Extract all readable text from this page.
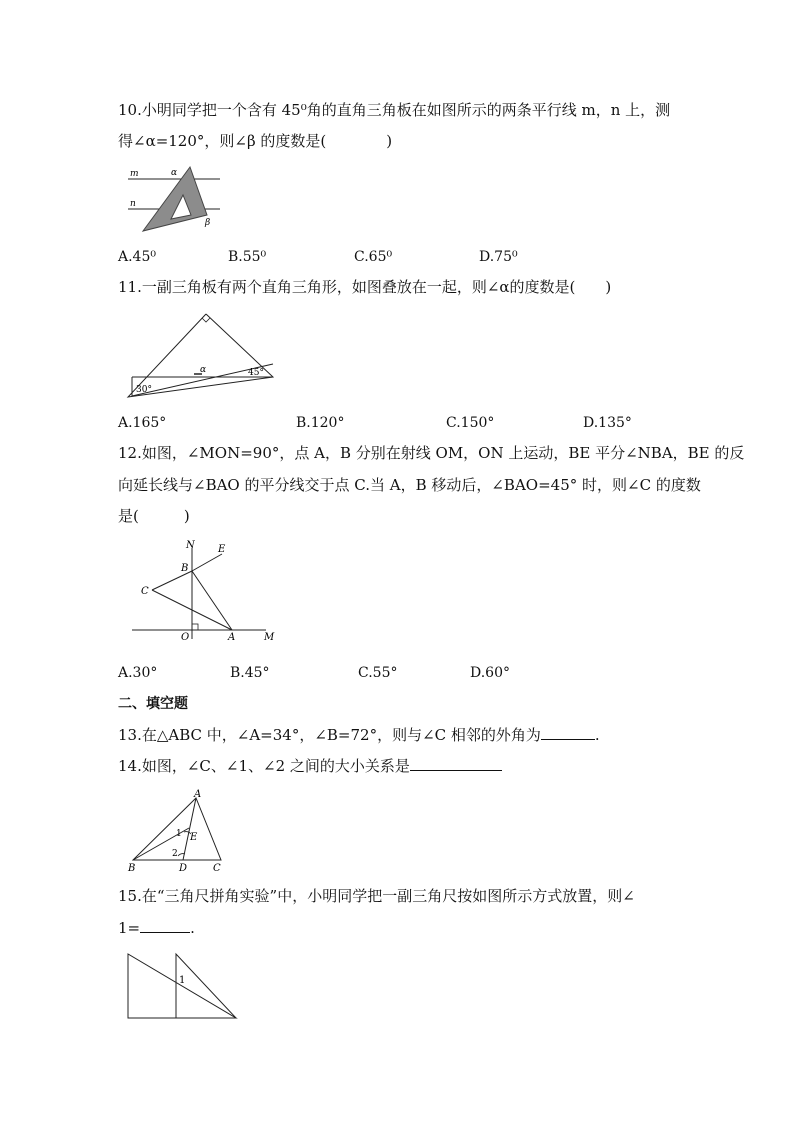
10.小明同学把一个含有 45⁰角的直角三角板在如图所示的两条平行线 m，n 上，测
得∠α=120°，则∠β 的度数是(　　　　)
m
n
α
β
A.45⁰	B.55⁰	C.65⁰	D.75⁰
11.一副三角板有两个直角三角形，如图叠放在一起，则∠α的度数是(　　)
30°
45°
α
A.165°	B.120°	C.150°	D.135°
12.如图，∠MON=90°，点 A，B 分别在射线 OM，ON 上运动，BE 平分∠NBA，BE 的反
向延长线与∠BAO 的平分线交于点 C.当 A，B 移动后，∠BAO=45° 时，则∠C 的度数
是(　　　)
N E
B
C
O	A	M
A.30°	B.45°	C.55°	D.60°
二、填空题
13.在△ABC 中，∠A=34°，∠B=72°，则与∠C 相邻的外角为	.
14.如图，∠C、∠1、∠2 之间的大小关系是
A
B	C
D
E
1
2
15.在“三角尺拼角实验”中，小明同学把一副三角尺按如图所示方式放置，则∠
1=	.
1
